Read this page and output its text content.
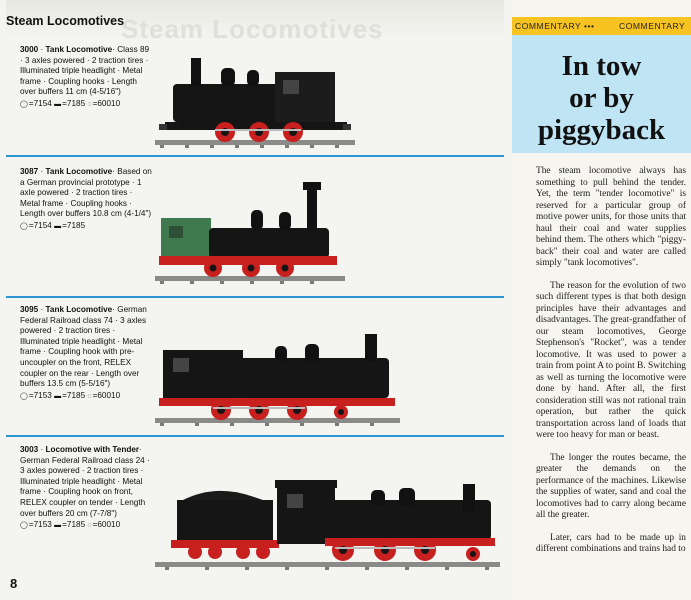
Steam Locomotives
Steam Locomotives
3000 · Tank Locomotive· Class 89 · 3 axles powered · 2 traction tires · Illuminated triple headlight · Metal frame · Coupling hooks · Length over buffers 11 cm (4-5/16")
◯=7154 ▬=7185 ◌=60010
3087 · Tank Locomotive· Based on a German provincial prototype · 1 axle powered · 2 traction tires · Metal frame · Coupling hooks · Length over buffers 10.8 cm (4-1/4")
◯=7154 ▬=7185
3095 · Tank Locomotive· German Federal Railroad class 74 · 3 axles powered · 2 traction tires · Illuminated triple headlight · Metal frame · Coupling hook with pre-uncoupler on the front, RELEX coupler on the rear · Length over buffers 13.5 cm (5-5/16")
◯=7153 ▬=7185 ◌=60010
3003 · Locomotive with Tender· German Federal Railroad class 24 · 3 axles powered · 2 traction tires · Illuminated triple headlight · Metal frame · Coupling hook on front, RELEX coupler on tender · Length over buffers 20 cm (7-7/8")
◯=7153 ▬=7185 ◌=60010
8
COMMENTARY •••	COMMENTARY
In tow
or by
piggyback

The steam locomotive always has something to pull behind the tender. Yet, the term "tender locomotive" is reserved for a particular group of motive power units, for those units that haul their coal and water supplies behind them. The others which "piggy-back" their coal and water are called simply "tank locomotives".

The reason for the evolution of two such different types is that both design principles have their advantages and disadvantages. The great-grandfather of our steam locomotives, George Stephenson's "Rocket", was a tender locomotive. It was used to power a train from point A to point B. Switching as well as turning the locomotive were done by hand. After all, the first consideration still was not rational train operation, but rather the quick transportation across land of loads that were too heavy for man or beast.

The longer the routes became, the greater the demands on the performance of the machines. Likewise the supplies of water, sand and coal the locomotives had to carry along became all the greater.

Later, cars had to be made up in different combinations and trains had to
